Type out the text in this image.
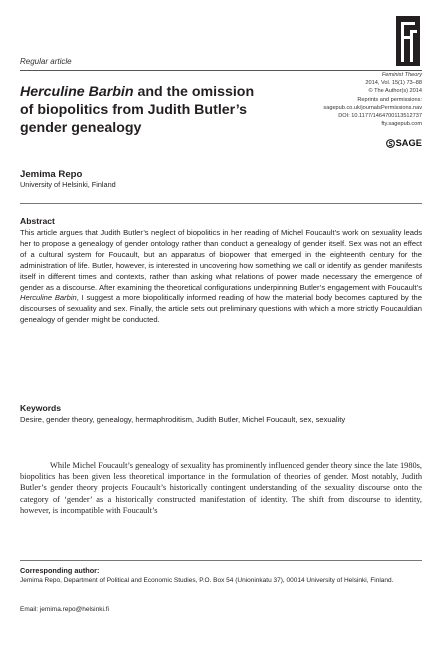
Regular article
Herculine Barbin and the omission of biopolitics from Judith Butler’s gender genealogy
Feminist Theory
2014, Vol. 15(1) 73–88
© The Author(s) 2014
Reprints and permissions:
sagepub.co.uk/journalsPermissions.nav
DOI: 10.1177/1464700113512737
fty.sagepub.com
SAGE
Jemima Repo
University of Helsinki, Finland
Abstract

This article argues that Judith Butler’s neglect of biopolitics in her reading of Michel Foucault’s work on sexuality leads her to propose a genealogy of gender ontology rather than conduct a genealogy of gender itself. Sex was not an effect of a cultural system for Foucault, but an apparatus of biopower that emerged in the eighteenth century for the administration of life. Butler, however, is interested in uncovering how something we call or identify as gender manifests itself in different times and contexts, rather than asking what relations of power made necessary the emergence of gender as a discourse. After examining the theoretical configurations underpinning Butler’s engagement with Foucault’s Herculine Barbin, I suggest a more biopolitically informed reading of how the material body becomes captured by the discourses of sexuality and sex. Finally, the article sets out preliminary questions with which a more strictly Foucauldian genealogy of gender might be conducted.

Keywords

Desire, gender theory, genealogy, hermaphroditism, Judith Butler, Michel Foucault, sex, sexuality

While Michel Foucault’s genealogy of sexuality has prominently influenced gender theory since the late 1980s, biopolitics has been given less theoretical importance in the formulation of theories of gender. Most notably, Judith Butler’s gender theory projects Foucault’s historically contingent understanding of the sexuality discourse onto the category of ‘gender’ as a historically constructed manifestation of identity. The shift from discourse to identity, however, is incompatible with Foucault’s

Corresponding author:

Jemima Repo, Department of Political and Economic Studies, P.O. Box 54 (Unioninkatu 37), 00014 University of Helsinki, Finland.

Email: jemima.repo@helsinki.fi
